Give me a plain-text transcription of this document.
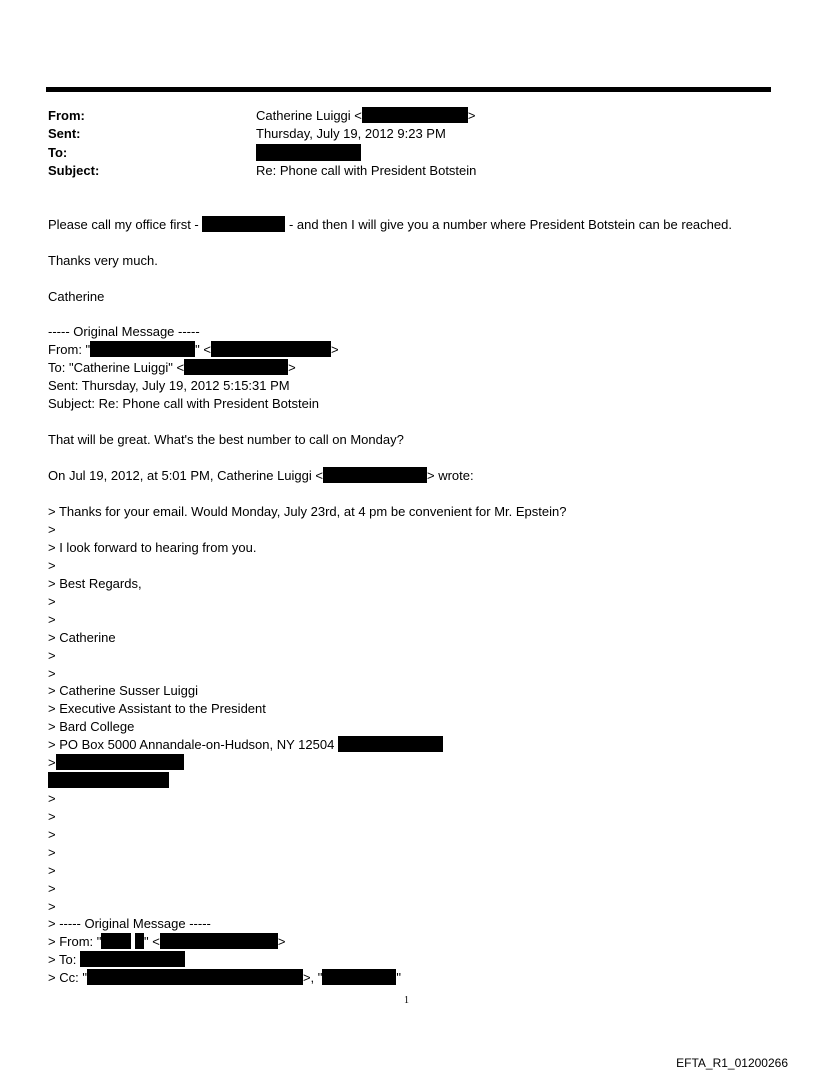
From:	Catherine Luiggi <	>
Sent:	Thursday, July 19, 2012 9:23 PM
To:
Subject:	Re: Phone call with President Botstein
Please call my office first -	- and then I will give you a number where President Botstein can be reached.
Thanks very much.
Catherine
----- Original Message -----
From: "	" <	>
To: "Catherine Luiggi" <	>
Sent: Thursday, July 19, 2012 5:15:31 PM
Subject: Re: Phone call with President Botstein
That will be great. What's the best number to call on Monday?
On Jul 19, 2012, at 5:01 PM, Catherine Luiggi <	> wrote:
> Thanks for your email. Would Monday, July 23rd, at 4 pm be convenient for Mr. Epstein?
>
> I look forward to hearing from you.
>
> Best Regards,
>
>
> Catherine
>
>
> Catherine Susser Luiggi
> Executive Assistant to the President
> Bard College
> PO Box 5000 Annandale-on-Hudson, NY 12504
>
>
>
>
>
>
>
>
> ----- Original Message -----
> From: "	" <	>
> To:
> Cc: "	>, "	"
1
EFTA_R1_01200266
